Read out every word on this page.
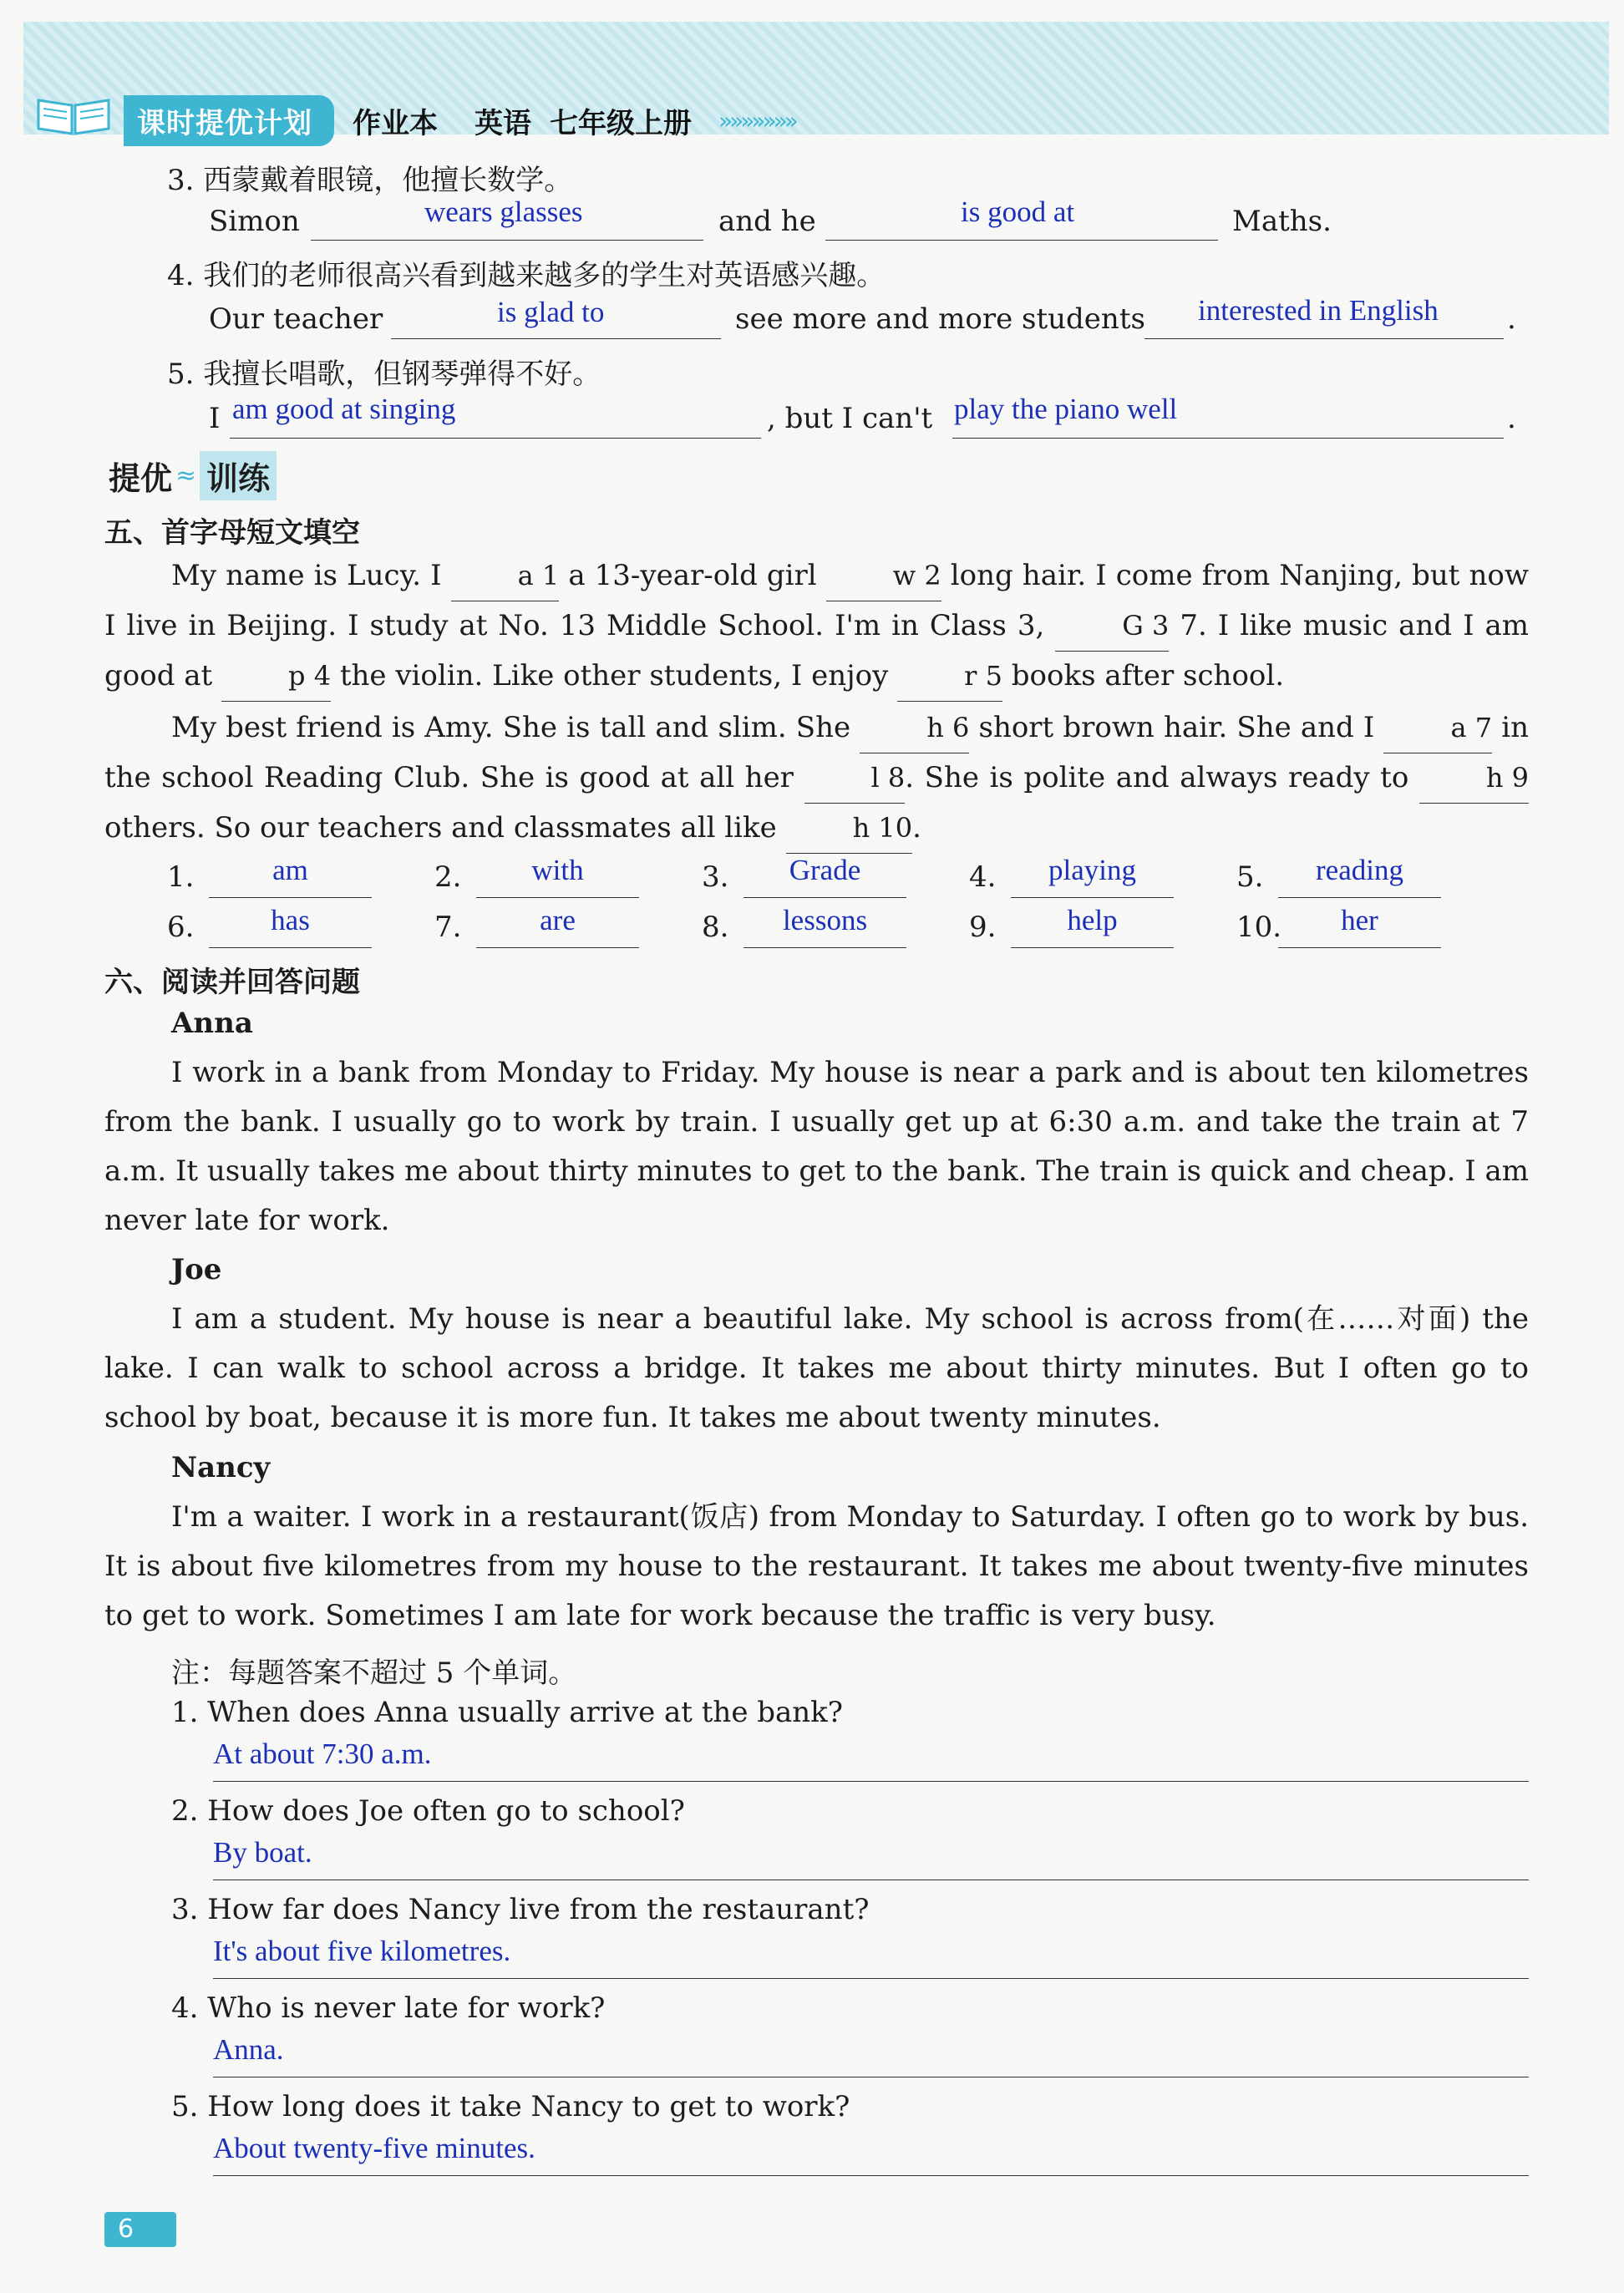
课时提优计划	作业本 英语 七年级上册 »»»»»»»
3. 西蒙戴着眼镜，他擅长数学。
Simon	wears glasses	and he	is good at	Maths.
4. 我们的老师很高兴看到越来越多的学生对英语感兴趣。
Our teacher	is glad to	see more and more students interested in English .
5. 我擅长唱歌，但钢琴弹得不好。
I am good at singing	, but I can't play the piano well	.
提优 ≈ 训练
五、首字母短文填空
My name is Lucy. I	a 1 a 13-year-old girl	w 2 long hair. I come from Nanjing, but now I live in Beijing. I study at No. 13 Middle School. I'm in Class 3,	G 3 7. I like music and I am good at	p 4 the violin. Like other students, I enjoy	r 5 books after school.
My best friend is Amy. She is tall and slim. She	h 6 short brown hair. She and I	a 7 in the school Reading Club. She is good at all her	l 8. She is polite and always ready to	h 9 others. So our teachers and classmates all like	h 10.
1.	am	2.	with	3.	Grade	4.	playing	5.	reading
6.	has	7.	are	8.	lessons	9.	help	10.	her
六、阅读并回答问题
Anna
I work in a bank from Monday to Friday. My house is near a park and is about ten kilometres from the bank. I usually go to work by train. I usually get up at 6:30 a.m. and take the train at 7 a.m. It usually takes me about thirty minutes to get to the bank. The train is quick and cheap. I am never late for work.
Joe
I am a student. My house is near a beautiful lake. My school is across from(在……对面) the lake. I can walk to school across a bridge. It takes me about thirty minutes. But I often go to school by boat, because it is more fun. It takes me about twenty minutes.
Nancy
I'm a waiter. I work in a restaurant(饭店) from Monday to Saturday. I often go to work by bus. It is about five kilometres from my house to the restaurant. It takes me about twenty-five minutes to get to work. Sometimes I am late for work because the traffic is very busy.
注：每题答案不超过 5 个单词。
1. When does Anna usually arrive at the bank?
At about 7:30 a.m.
2. How does Joe often go to school?
By boat.
3. How far does Nancy live from the restaurant?
It's about five kilometres.
4. Who is never late for work?
Anna.
5. How long does it take Nancy to get to work?
About twenty-five minutes.
6 »
